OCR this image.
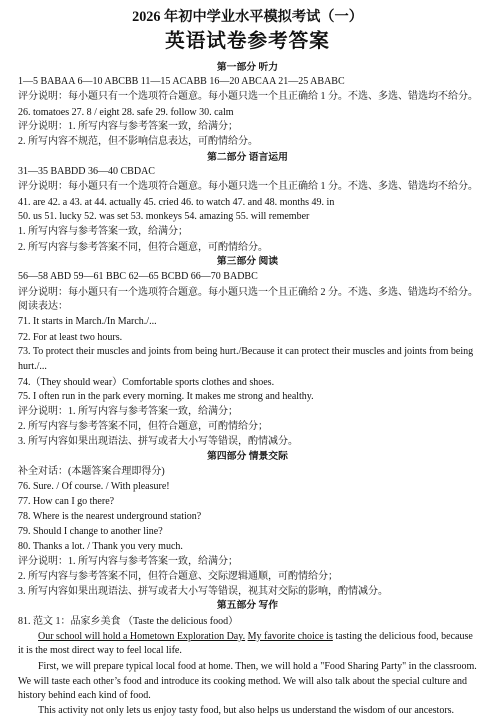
2026 年初中学业水平模拟考试（一）
英语试卷参考答案
第一部分 听力
1—5 BABAA 6—10 ABCBB 11—15 ACABB 16—20 ABCAA 21—25 ABABC
评分说明：每小题只有一个选项符合题意。每小题只选一个且正确给 1 分。不选、多选、错选均不给分。
26. tomatoes 27. 8 / eight 28. safe 29. follow 30. calm
评分说明：1. 所写内容与参考答案一致，给满分；
2. 所写内容不规范，但不影响信息表达，可酌情给分。
第二部分 语言运用
31—35 BABDD 36—40 CBDAC
评分说明：每小题只有一个选项符合题意。每小题只选一个且正确给 1 分。不选、多选、错选均不给分。
41. are 42. a 43. at 44. actually 45. cried 46. to watch 47. and 48. months 49. in
50. us 51. lucky 52. was set 53. monkeys 54. amazing 55. will remember
1. 所写内容与参考答案一致，给满分；
2. 所写内容与参考答案不同，但符合题意，可酌情给分。
第三部分 阅读
56—58 ABD 59—61 BBC 62—65 BCBD 66—70 BADBC
评分说明：每小题只有一个选项符合题意。每小题只选一个且正确给 2 分。不选、多选、错选均不给分。
阅读表达：
71. It starts in March./In March./...
72. For at least two hours.
73. To protect their muscles and joints from being hurt./Because it can protect their muscles and joints from being
hurt./...
74.（They should wear）Comfortable sports clothes and shoes.
75. I often run in the park every morning. It makes me strong and healthy.
评分说明：1. 所写内容与参考答案一致，给满分；
2. 所写内容与参考答案不同，但符合题意，可酌情给分；
3. 所写内容如果出现语法、拼写或者大小写等错误，酌情减分。
第四部分 情景交际
补全对话：(本题答案合理即得分)
76. Sure. / Of course. / With pleasure!
77. How can I go there?
78. Where is the nearest underground station?
79. Should I change to another line?
80. Thanks a lot. / Thank you very much.
评分说明：1. 所写内容与参考答案一致，给满分；
2. 所写内容与参考答案不同，但符合题意、交际逻辑通顺，可酌情给分；
3. 所写内容如果出现语法、拼写或者大小写等错误，视其对交际的影响，酌情减分。
第五部分 写作
81. 范文 1：品家乡美食 （Taste the delicious food）
Our school will hold a Hometown Exploration Day. My favorite choice is tasting the delicious food, because
it is the most direct way to feel local life.
First, we will prepare typical local food at home. Then, we will hold a "Food Sharing Party" in the classroom.
We will taste each other’s food and introduce its cooking method. We will also talk about the special culture and
history behind each kind of food.
This activity not only lets us enjoy tasty food, but also helps us understand the wisdom of our ancestors.
